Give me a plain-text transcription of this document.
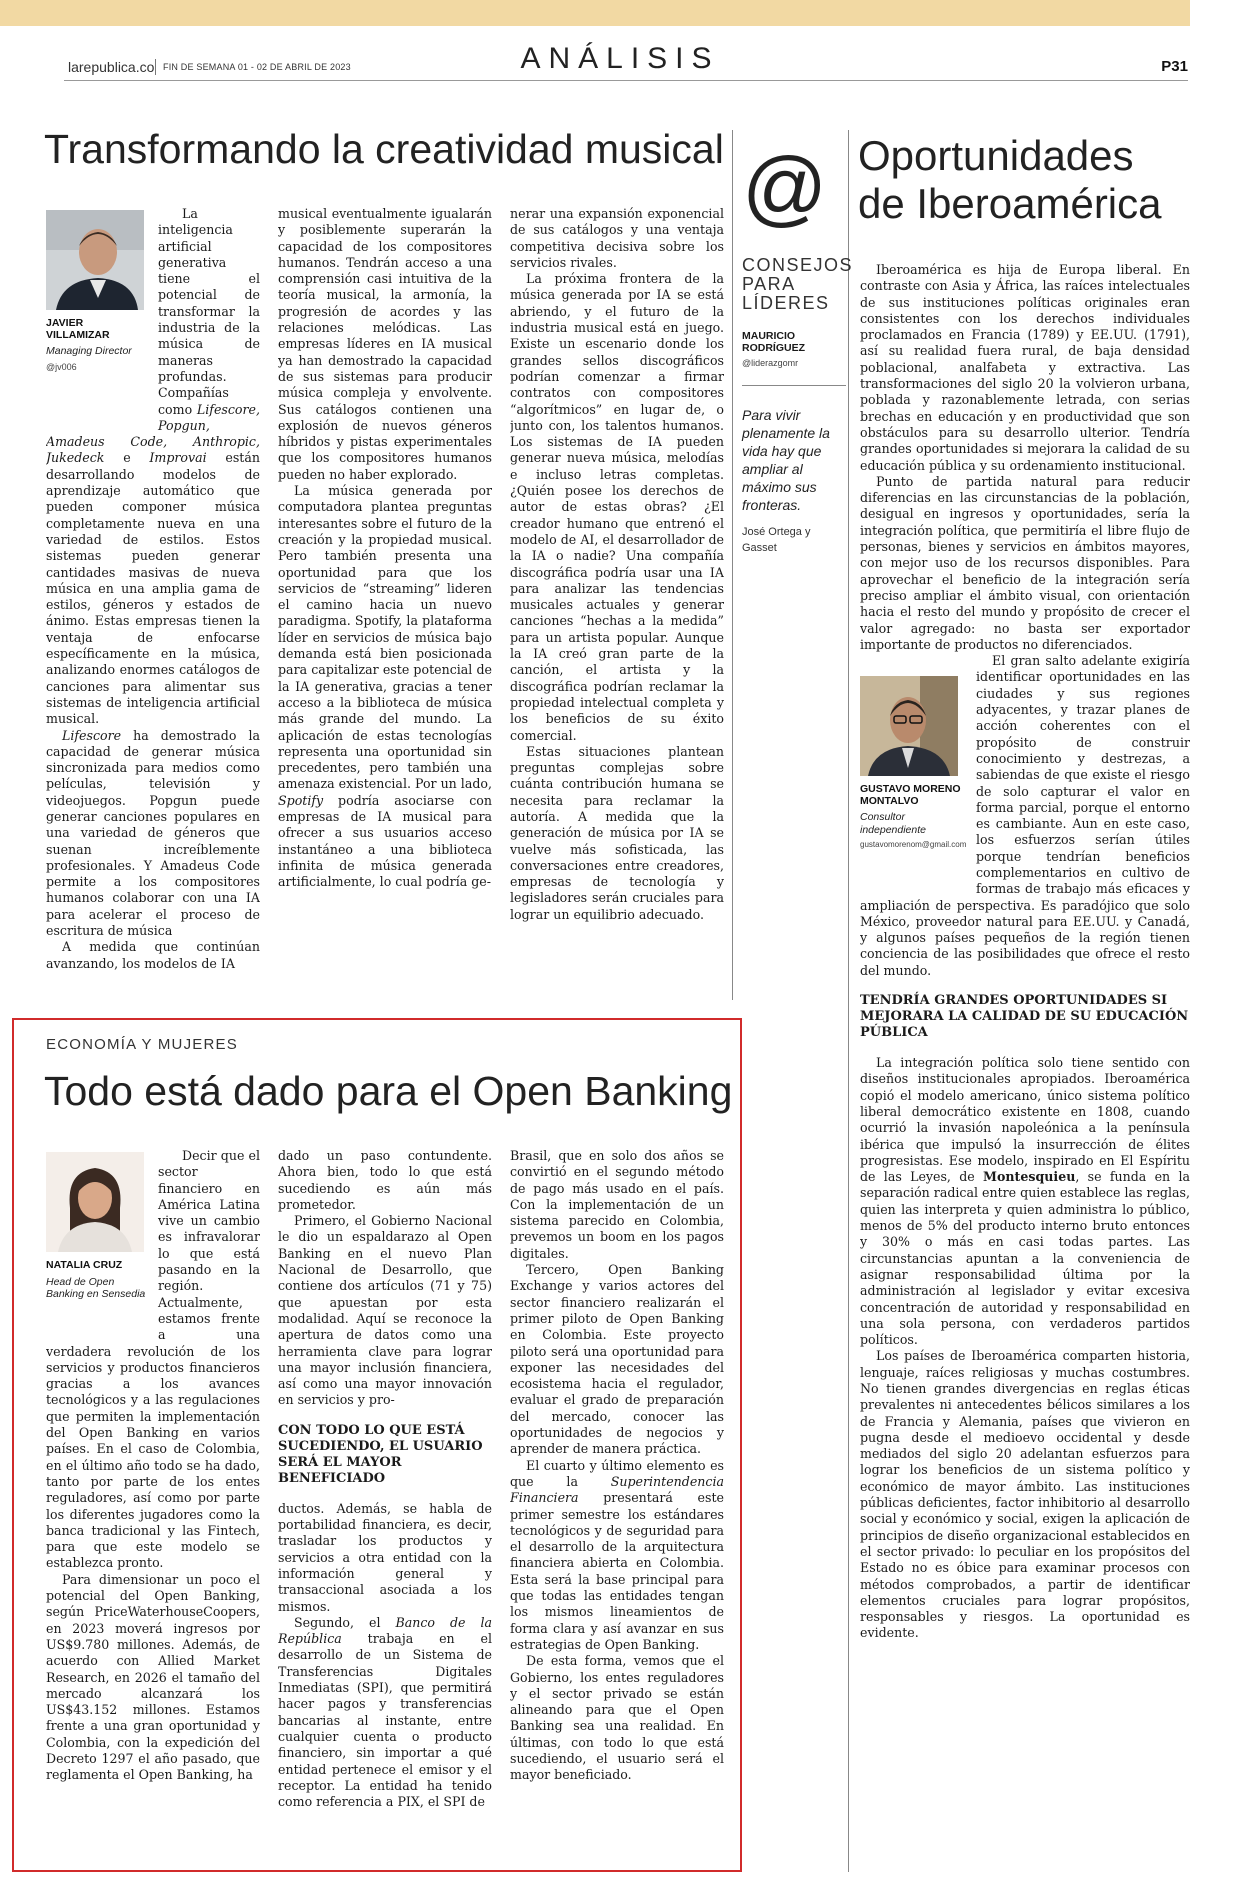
larepublica.co FIN DE SEMANA 01 - 02 DE ABRIL DE 2023	ANÁLISIS	P31
Transformando la creatividad musical
JAVIER VILLAMIZAR
Managing Director
@jv006

La inteligencia artificial generativa tiene el potencial de transformar la industria de la música de maneras profundas. Compañías como Lifescore, Popgun, Amadeus Code, Anthropic, Jukedeck e Improvai están desarrollando modelos de aprendizaje automático que pueden componer música completamente nueva en una variedad de estilos. Estos sistemas pueden generar cantidades masivas de nueva música en una amplia gama de estilos, géneros y estados de ánimo. Estas empresas tienen la ventaja de enfocarse específicamente en la música, analizando enormes catálogos de canciones para alimentar sus sistemas de inteligencia artificial musical.

Lifescore ha demostrado la capacidad de generar música sincronizada para medios como películas, televisión y videojuegos. Popgun puede generar canciones populares en una variedad de géneros que suenan increíblemente profesionales. Y Amadeus Code permite a los compositores humanos colaborar con una IA para acelerar el proceso de escritura de música

A medida que continúan avanzando, los modelos de IA

musical eventualmente igualarán y posiblemente superarán la capacidad de los compositores humanos. Tendrán acceso a una comprensión casi intuitiva de la teoría musical, la armonía, la progresión de acordes y las relaciones melódicas. Las empresas líderes en IA musical ya han demostrado la capacidad de sus sistemas para producir música compleja y envolvente. Sus catálogos contienen una explosión de nuevos géneros híbridos y pistas experimentales que los compositores humanos pueden no haber explorado.

La música generada por computadora plantea preguntas interesantes sobre el futuro de la creación y la propiedad musical. Pero también presenta una oportunidad para que los servicios de “streaming” lideren el camino hacia un nuevo paradigma. Spotify, la plataforma líder en servicios de música bajo demanda está bien posicionada para capitalizar este potencial de la IA generativa, gracias a tener acceso a la biblioteca de música más grande del mundo. La aplicación de estas tecnologías representa una oportunidad sin precedentes, pero también una amenaza existencial. Por un lado, Spotify podría asociarse con empresas de IA musical para ofrecer a sus usuarios acceso instantáneo a una biblioteca infinita de música generada artificialmente, lo cual podría ge-

nerar una expansión exponencial de sus catálogos y una ventaja competitiva decisiva sobre los servicios rivales.

La próxima frontera de la música generada por IA se está abriendo, y el futuro de la industria musical está en juego. Existe un escenario donde los grandes sellos discográficos podrían comenzar a firmar contratos con compositores “algorítmicos” en lugar de, o junto con, los talentos humanos. Los sistemas de IA pueden generar nueva música, melodías e incluso letras completas. ¿Quién posee los derechos de autor de estas obras? ¿El creador humano que entrenó el modelo de AI, el desarrollador de la IA o nadie? Una compañía discográfica podría usar una IA para analizar las tendencias musicales actuales y generar canciones “hechas a la medida” para un artista popular. Aunque la IA creó gran parte de la canción, el artista y la discográfica podrían reclamar la propiedad intelectual completa y los beneficios de su éxito comercial.

Estas situaciones plantean preguntas complejas sobre cuánta contribución humana se necesita para reclamar la autoría. A medida que la generación de música por IA se vuelve más sofisticada, las conversaciones entre creadores, empresas de tecnología y legisladores serán cruciales para lograr un equilibrio adecuado.

@
CONSEJOS
PARA
LÍDERES
MAURICIO
RODRÍGUEZ
@liderazgomr
Para vivir plenamente la vida hay que ampliar al máximo sus fronteras.
José Ortega y Gasset
Oportunidades
de Iberoamérica

Iberoamérica es hija de Europa liberal. En contraste con Asia y África, las raíces intelectuales de sus instituciones políticas originales eran consistentes con los derechos individuales proclamados en Francia (1789) y EE.UU. (1791), así su realidad fuera rural, de baja densidad poblacional, analfabeta y extractiva. Las transformaciones del siglo 20 la volvieron urbana, poblada y razonablemente letrada, con serias brechas en educación y en productividad que son obstáculos para su desarrollo ulterior. Tendría grandes oportunidades si mejorara la calidad de su educación pública y su ordenamiento institucional.

Punto de partida natural para reducir diferencias en las circunstancias de la población, desigual en ingresos y oportunidades, sería la integración política, que permitiría el libre flujo de personas, bienes y servicios en ámbitos mayores, con mejor uso de los recursos disponibles. Para aprovechar el beneficio de la integración sería preciso ampliar el ámbito visual, con orientación hacia el resto del mundo y propósito de crecer el valor agregado: no basta ser exportador importante de productos no diferenciados.

El gran salto adelante exigiría identificar oportunidades en las ciudades y sus regiones adyacentes, y trazar planes de acción coherentes con el propósito de construir conocimiento y destrezas, a sabiendas de que existe el riesgo de solo capturar el valor en forma parcial, porque el entorno es cambiante. Aun en este caso, los esfuerzos serían útiles porque tendrían beneficios complementarios en cultivo de formas de trabajo más eficaces y ampliación de perspectiva. Es paradójico que solo México, proveedor natural para EE.UU. y Canadá, y algunos países pequeños de la región tienen conciencia de las posibilidades que ofrece el resto del mundo.

TENDRÍA GRANDES OPORTUNIDADES SI MEJORARA LA CALIDAD DE SU EDUCACIÓN PÚBLICA

La integración política solo tiene sentido con diseños institucionales apropiados. Iberoamérica copió el modelo americano, único sistema político liberal democrático existente en 1808, cuando ocurrió la invasión napoleónica a la península ibérica que impulsó la insurrección de élites progresistas. Ese modelo, inspirado en El Espíritu de las Leyes, de Montesquieu, se funda en la separación radical entre quien establece las reglas, quien las interpreta y quien administra lo público, menos de 5% del producto interno bruto entonces y 30% o más en casi todas partes. Las circunstancias apuntan a la conveniencia de asignar responsabilidad última por la administración al legislador y evitar excesiva concentración de autoridad y responsabilidad en una sola persona, con verdaderos partidos políticos.

Los países de Iberoamérica comparten historia, lenguaje, raíces religiosas y muchas costumbres. No tienen grandes divergencias en reglas éticas prevalentes ni antecedentes bélicos similares a los de Francia y Alemania, países que vivieron en pugna desde el medioevo occidental y desde mediados del siglo 20 adelantan esfuerzos para lograr los beneficios de un sistema político y económico de mayor ámbito. Las instituciones públicas deficientes, factor inhibitorio al desarrollo social y económico y social, exigen la aplicación de principios de diseño organizacional establecidos en el sector privado: lo peculiar en los propósitos del Estado no es óbice para examinar procesos con métodos comprobados, a partir de identificar elementos cruciales para lograr propósitos, responsables y riesgos. La oportunidad es evidente.

GUSTAVO MORENO MONTALVO
Consultor independiente
gustavomorenom@gmail.com
ECONOMÍA Y MUJERES
Todo está dado para el Open Banking
NATALIA CRUZ
Head de Open Banking en Sensedia

Decir que el sector financiero en América Latina vive un cambio es infravalorar lo que está pasando en la región. Actualmente, estamos frente a una verdadera revolución de los servicios y productos financieros gracias a los avances tecnológicos y a las regulaciones que permiten la implementación del Open Banking en varios países. En el caso de Colombia, en el último año todo se ha dado, tanto por parte de los entes reguladores, así como por parte los diferentes jugadores como la banca tradicional y las Fintech, para que este modelo se establezca pronto.

Para dimensionar un poco el potencial del Open Banking, según PriceWaterhouseCoopers, en 2023 moverá ingresos por US$9.780 millones. Además, de acuerdo con Allied Market Research, en 2026 el tamaño del mercado alcanzará los US$43.152 millones. Estamos frente a una gran oportunidad y Colombia, con la expedición del Decreto 1297 el año pasado, que reglamenta el Open Banking, ha

dado un paso contundente. Ahora bien, todo lo que está sucediendo es aún más prometedor.

Primero, el Gobierno Nacional le dio un espaldarazo al Open Banking en el nuevo Plan Nacional de Desarrollo, que contiene dos artículos (71 y 75) que apuestan por esta modalidad. Aquí se reconoce la apertura de datos como una herramienta clave para lograr una mayor inclusión financiera, así como una mayor innovación en servicios y pro-

CON TODO LO QUE ESTÁ SUCEDIENDO, EL USUARIO SERÁ EL MAYOR BENEFICIADO

ductos. Además, se habla de portabilidad financiera, es decir, trasladar los productos y servicios a otra entidad con la información general y transaccional asociada a los mismos.

Segundo, el Banco de la República trabaja en el desarrollo de un Sistema de Transferencias Digitales Inmediatas (SPI), que permitirá hacer pagos y transferencias bancarias al instante, entre cualquier cuenta o producto financiero, sin importar a qué entidad pertenece el emisor y el receptor. La entidad ha tenido como referencia a PIX, el SPI de

Brasil, que en solo dos años se convirtió en el segundo método de pago más usado en el país. Con la implementación de un sistema parecido en Colombia, prevemos un boom en los pagos digitales.

Tercero, Open Banking Exchange y varios actores del sector financiero realizarán el primer piloto de Open Banking en Colombia. Este proyecto piloto será una oportunidad para exponer las necesidades del ecosistema hacia el regulador, evaluar el grado de preparación del mercado, conocer las oportunidades de negocios y aprender de manera práctica.

El cuarto y último elemento es que la Superintendencia Financiera presentará este primer semestre los estándares tecnológicos y de seguridad para el desarrollo de la arquitectura financiera abierta en Colombia. Esta será la base principal para que todas las entidades tengan los mismos lineamientos de forma clara y así avanzar en sus estrategias de Open Banking.

De esta forma, vemos que el Gobierno, los entes reguladores y el sector privado se están alineando para que el Open Banking sea una realidad. En últimas, con todo lo que está sucediendo, el usuario será el mayor beneficiado.
